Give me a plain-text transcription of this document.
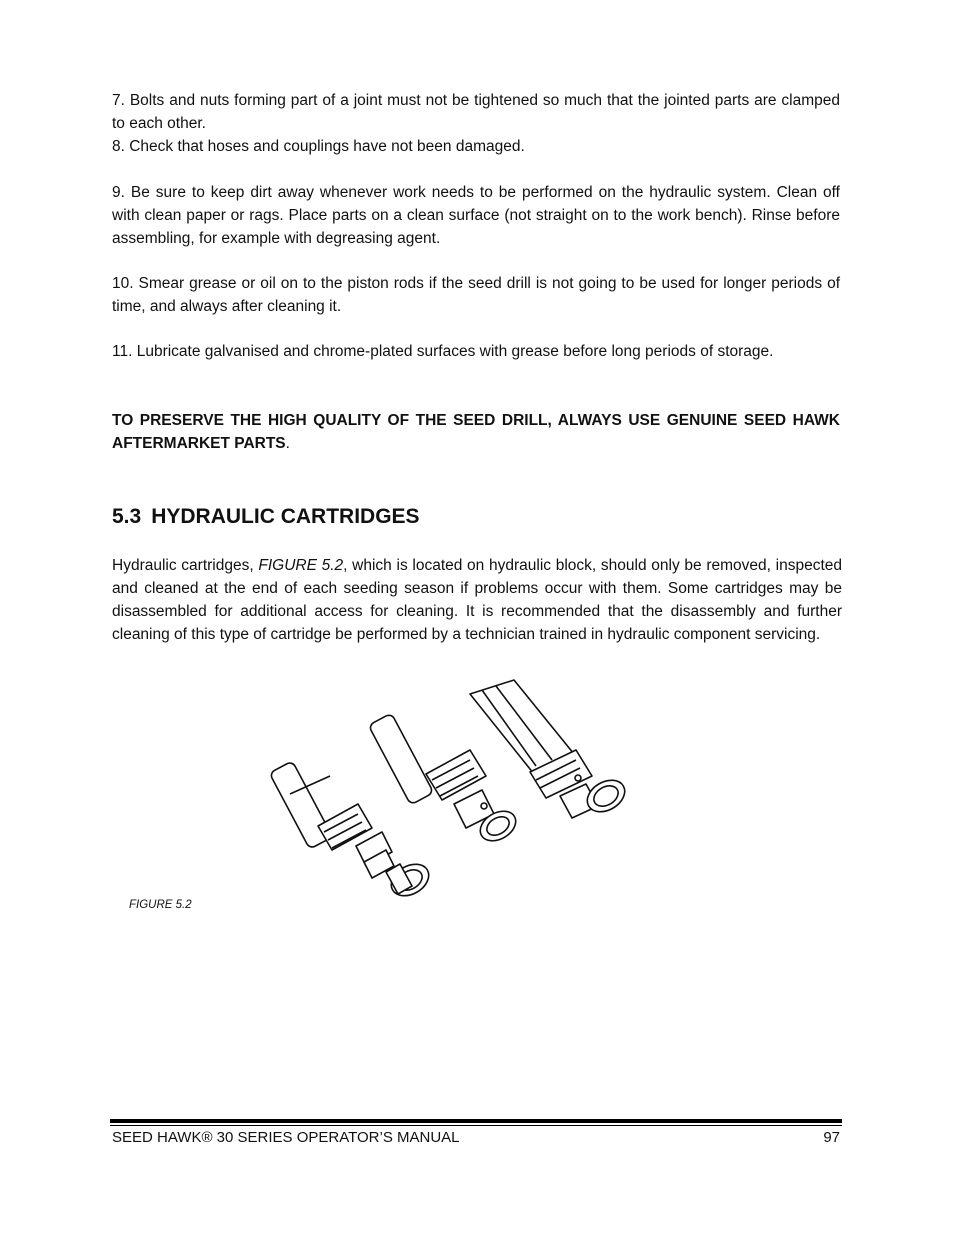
7. Bolts and nuts forming part of a joint must not be tightened so much that the jointed parts are clamped to each other.

8. Check that hoses and couplings have not been damaged.

9. Be sure to keep dirt away whenever work needs to be performed on the hydraulic system. Clean off with clean paper or rags. Place parts on a clean surface (not straight on to the work bench). Rinse before assembling, for example with degreasing agent.

10. Smear grease or oil on to the piston rods if the seed drill is not going to be used for longer periods of time, and always after cleaning it.

11. Lubricate galvanised and chrome-plated surfaces with grease before long periods of storage.

TO PRESERVE THE HIGH QUALITY OF THE SEED DRILL, ALWAYS USE GENUINE SEED HAWK AFTERMARKET PARTS.

5.3 HYDRAULIC CARTRIDGES

Hydraulic cartridges, FIGURE 5.2, which is located on hydraulic block, should only be removed, inspected and cleaned at the end of each seeding season if problems occur with them. Some cartridges may be disassembled for additional access for cleaning. It is recommended that the disassembly and further cleaning of this type of cartridge be performed by a technician trained in hydraulic component servicing.

FIGURE 5.2

SEED HAWK® 30 SERIES OPERATOR’S MANUAL	97
